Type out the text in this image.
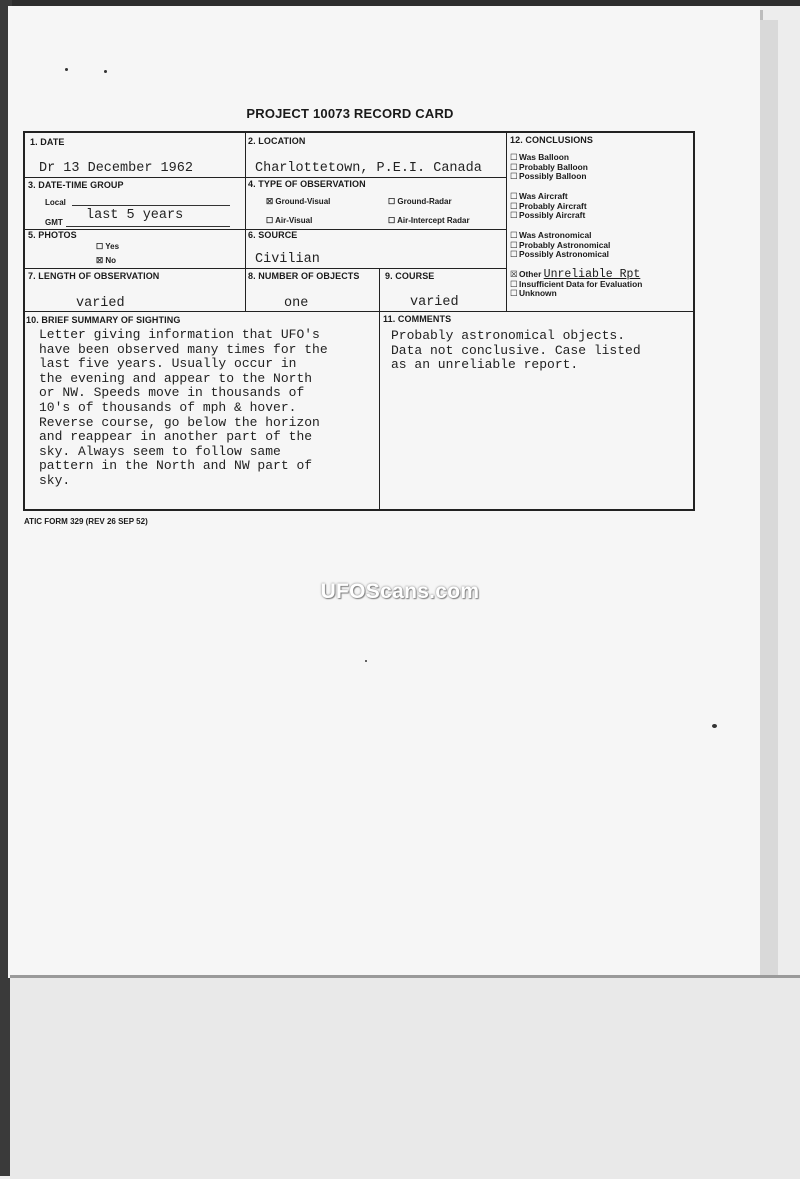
PROJECT 10073 RECORD CARD
1. DATE
Dr 13 December 1962
2. LOCATION
Charlottetown, P.E.I. Canada
3. DATE-TIME GROUP
Local
GMT last 5 years
4. TYPE OF OBSERVATION
☒ Ground-Visual	☐ Ground-Radar
☐ Air-Visual	☐ Air-Intercept Radar
5. PHOTOS
☐ Yes
☒ No
6. SOURCE
Civilian
7. LENGTH OF OBSERVATION
varied
8. NUMBER OF OBJECTS
one
9. COURSE
varied
10. BRIEF SUMMARY OF SIGHTING
Letter giving information that UFO's
have been observed many times for the
last five years. Usually occur in
the evening and appear to the North
or NW. Speeds move in thousands of
10's of thousands of mph & hover.
Reverse course, go below the horizon
and reappear in another part of the
sky. Always seem to follow same
pattern in the North and NW part of
sky.
11. COMMENTS
Probably astronomical objects.
Data not conclusive. Case listed
as an unreliable report.
12. CONCLUSIONS
☐Was Balloon
☐Probably Balloon
☐Possibly Balloon
☐Was Aircraft
☐Probably Aircraft
☐Possibly Aircraft
☐Was Astronomical
☐Probably Astronomical
☐Possibly Astronomical
☒Other Unreliable Rpt
☐Insufficient Data for Evaluation
☐Unknown
ATIC FORM 329 (REV 26 SEP 52)
UFOScans.com
